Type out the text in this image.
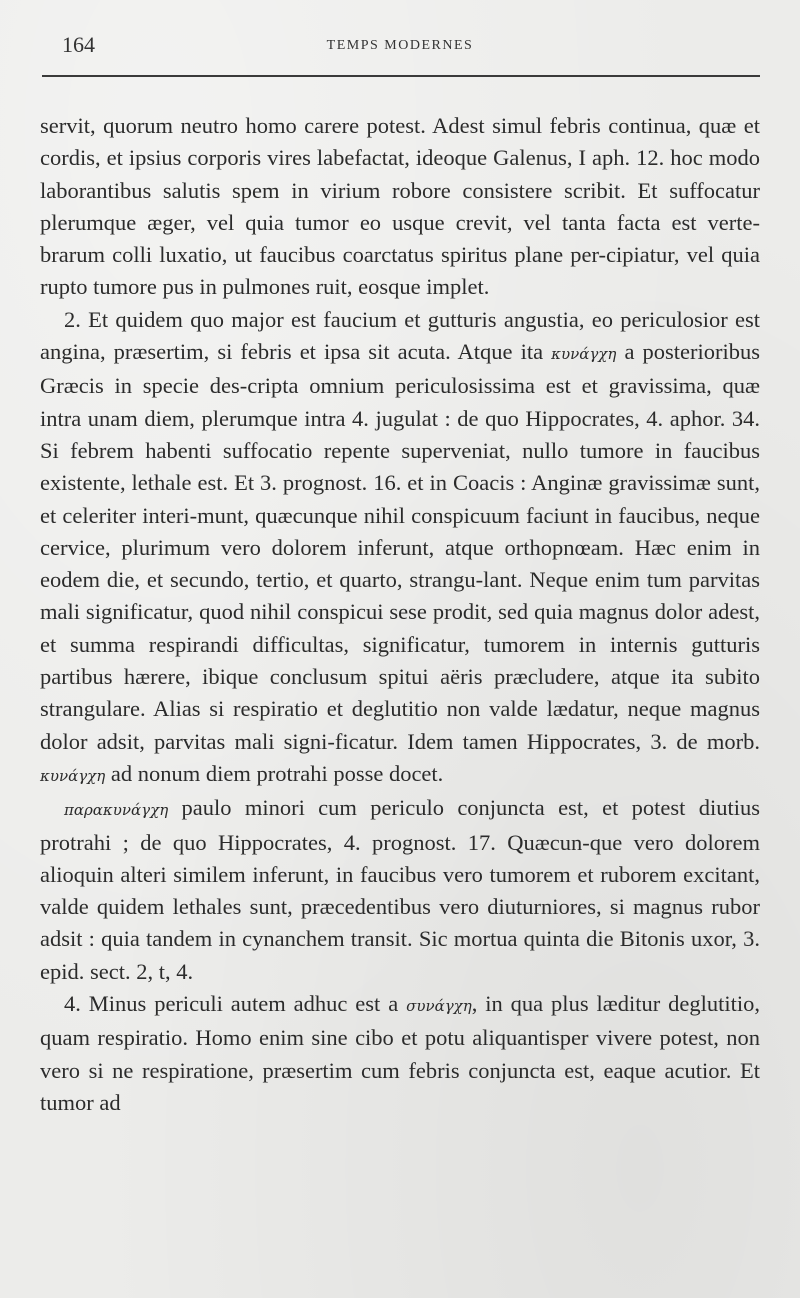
164	TEMPS MODERNES

servit, quorum neutro homo carere potest. Adest simul febris continua, quæ et cordis, et ipsius corporis vires labefactat, ideoque Galenus, I aph. 12. hoc modo laborantibus salutis spem in virium robore consistere scribit. Et suffocatur plerumque æger, vel quia tumor eo usque crevit, vel tanta facta est verte-brarum colli luxatio, ut faucibus coarctatus spiritus plane per-cipiatur, vel quia rupto tumore pus in pulmones ruit, eosque implet.

2. Et quidem quo major est faucium et gutturis angustia, eo periculosior est angina, præsertim, si febris et ipsa sit acuta. Atque ita κυνάγχη a posterioribus Græcis in specie des-cripta omnium periculosissima est et gravissima, quæ intra unam diem, plerumque intra 4. jugulat : de quo Hippocrates, 4. aphor. 34. Si febrem habenti suffocatio repente superveniat, nullo tumore in faucibus existente, lethale est. Et 3. prognost. 16. et in Coacis : Anginæ gravissimæ sunt, et celeriter interi-munt, quæcunque nihil conspicuum faciunt in faucibus, neque cervice, plurimum vero dolorem inferunt, atque orthopnœam. Hæc enim in eodem die, et secundo, tertio, et quarto, strangu-lant. Neque enim tum parvitas mali significatur, quod nihil conspicui sese prodit, sed quia magnus dolor adest, et summa respirandi difficultas, significatur, tumorem in internis gutturis partibus hærere, ibique conclusum spitui aëris præcludere, atque ita subito strangulare. Alias si respiratio et deglutitio non valde lædatur, neque magnus dolor adsit, parvitas mali signi-ficatur. Idem tamen Hippocrates, 3. de morb. κυνάγχη ad nonum diem protrahi posse docet.

παρακυνάγχη paulo minori cum periculo conjuncta est, et potest diutius protrahi ; de quo Hippocrates, 4. prognost. 17. Quæcun-que vero dolorem alioquin alteri similem inferunt, in faucibus vero tumorem et ruborem excitant, valde quidem lethales sunt, præcedentibus vero diuturniores, si magnus rubor adsit : quia tandem in cynanchem transit. Sic mortua quinta die Bitonis uxor, 3. epid. sect. 2, t, 4.

4. Minus periculi autem adhuc est a συνάγχη, in qua plus læditur deglutitio, quam respiratio. Homo enim sine cibo et potu aliquantisper vivere potest, non vero si ne respiratione, præsertim cum febris conjuncta est, eaque acutior. Et tumor ad
